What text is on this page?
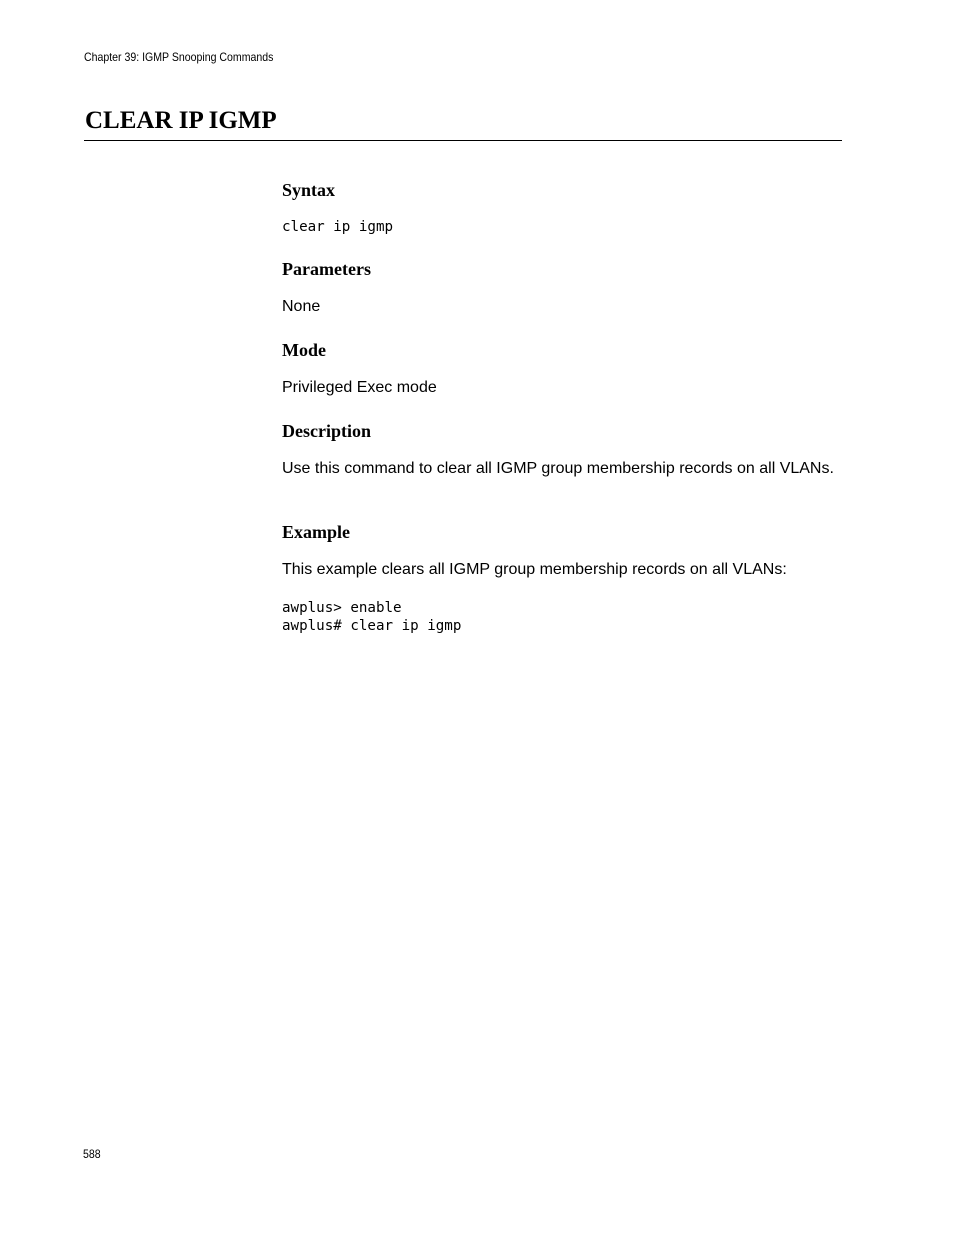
Chapter 39: IGMP Snooping Commands
CLEAR IP IGMP
Syntax
clear ip igmp
Parameters

None

Mode

Privileged Exec mode

Description

Use this command to clear all IGMP group membership records on all VLANs.

Example

This example clears all IGMP group membership records on all VLANs:

awplus> enable
awplus# clear ip igmp
588
